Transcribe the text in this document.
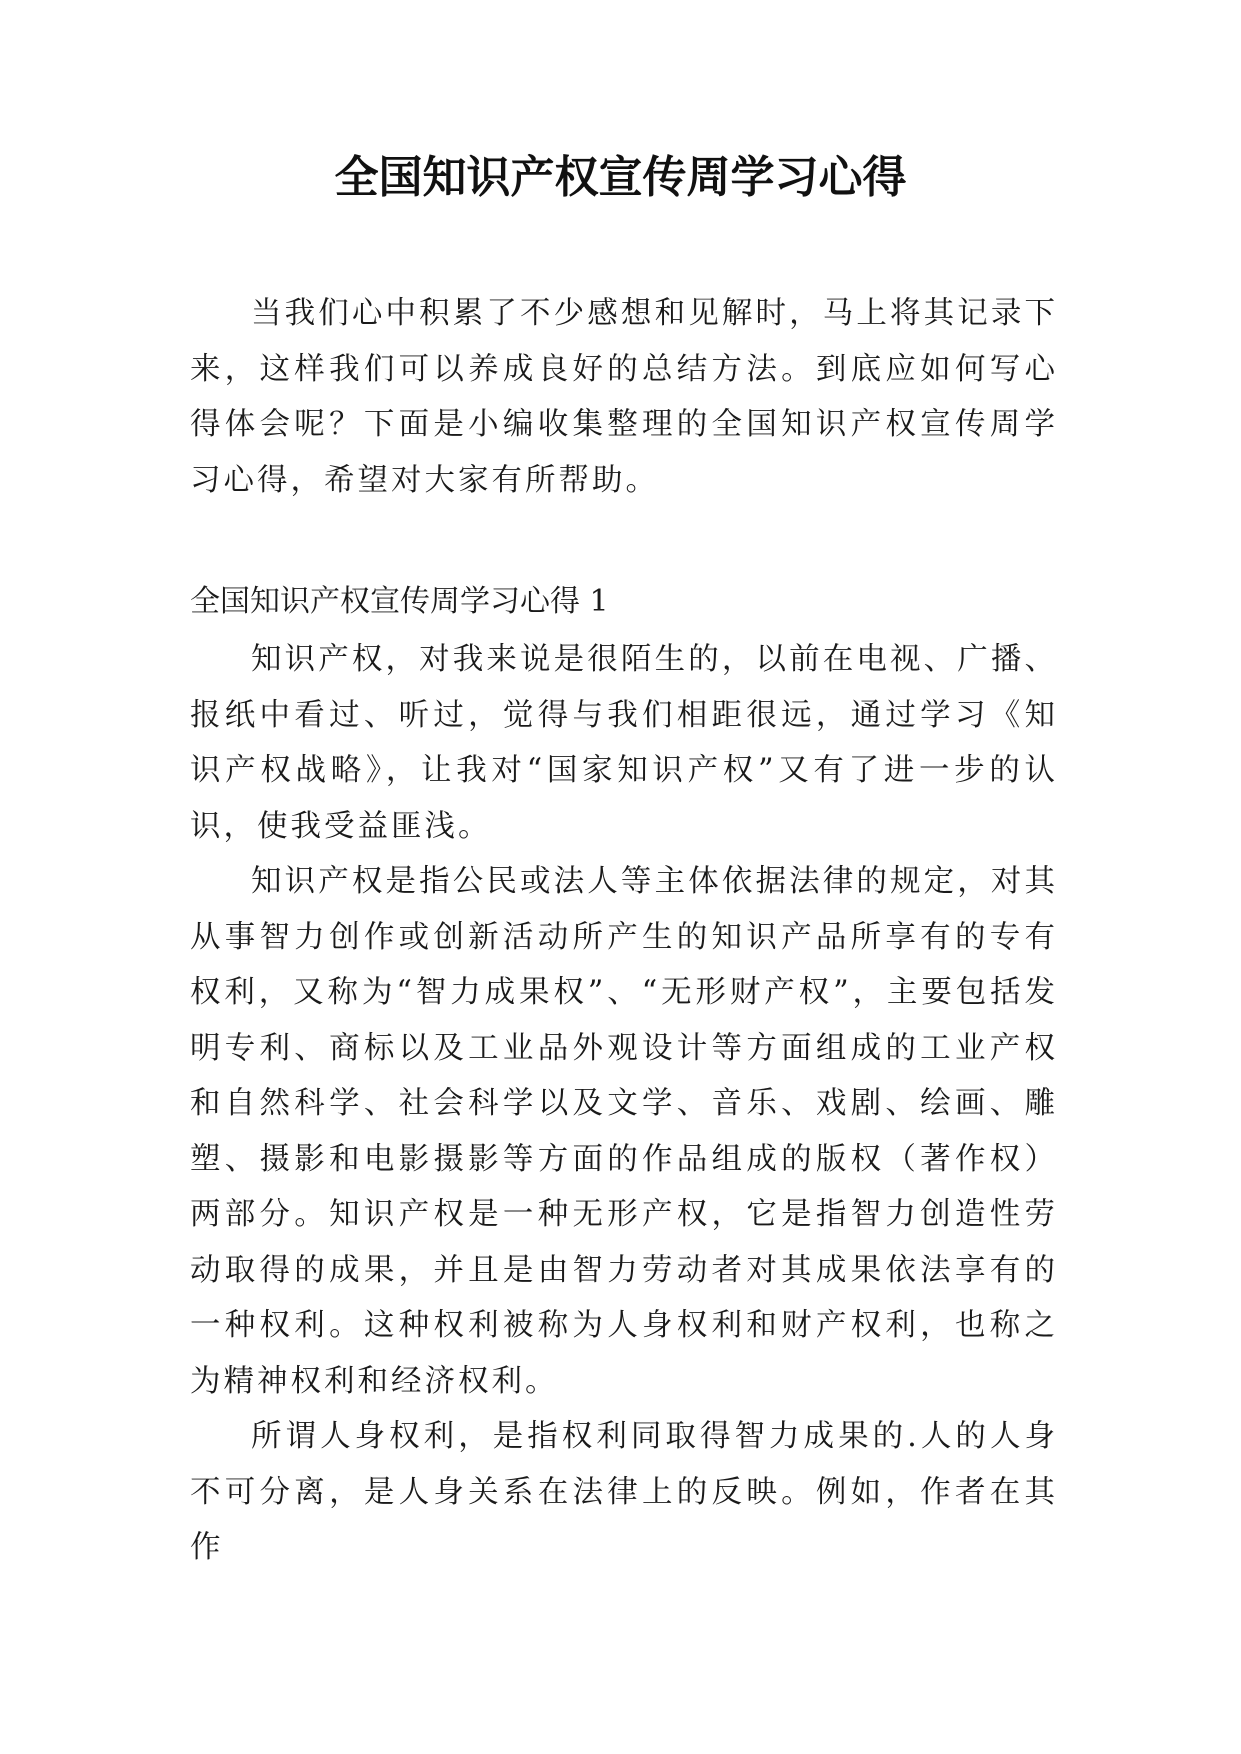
全国知识产权宣传周学习心得

当我们心中积累了不少感想和见解时，马上将其记录下来，这样我们可以养成良好的总结方法。到底应如何写心得体会呢？下面是小编收集整理的全国知识产权宣传周学习心得，希望对大家有所帮助。

全国知识产权宣传周学习心得 1

知识产权，对我来说是很陌生的，以前在电视、广播、报纸中看过、听过，觉得与我们相距很远，通过学习《知识产权战略》，让我对“国家知识产权”又有了进一步的认识，使我受益匪浅。

知识产权是指公民或法人等主体依据法律的规定，对其从事智力创作或创新活动所产生的知识产品所享有的专有权利，又称为“智力成果权”、“无形财产权”，主要包括发明专利、商标以及工业品外观设计等方面组成的工业产权和自然科学、社会科学以及文学、音乐、戏剧、绘画、雕塑、摄影和电影摄影等方面的作品组成的版权（著作权）两部分。知识产权是一种无形产权，它是指智力创造性劳动取得的成果，并且是由智力劳动者对其成果依法享有的一种权利。这种权利被称为人身权利和财产权利，也称之为精神权利和经济权利。

所谓人身权利，是指权利同取得智力成果的.人的人身不可分离，是人身关系在法律上的反映。例如，作者在其作
